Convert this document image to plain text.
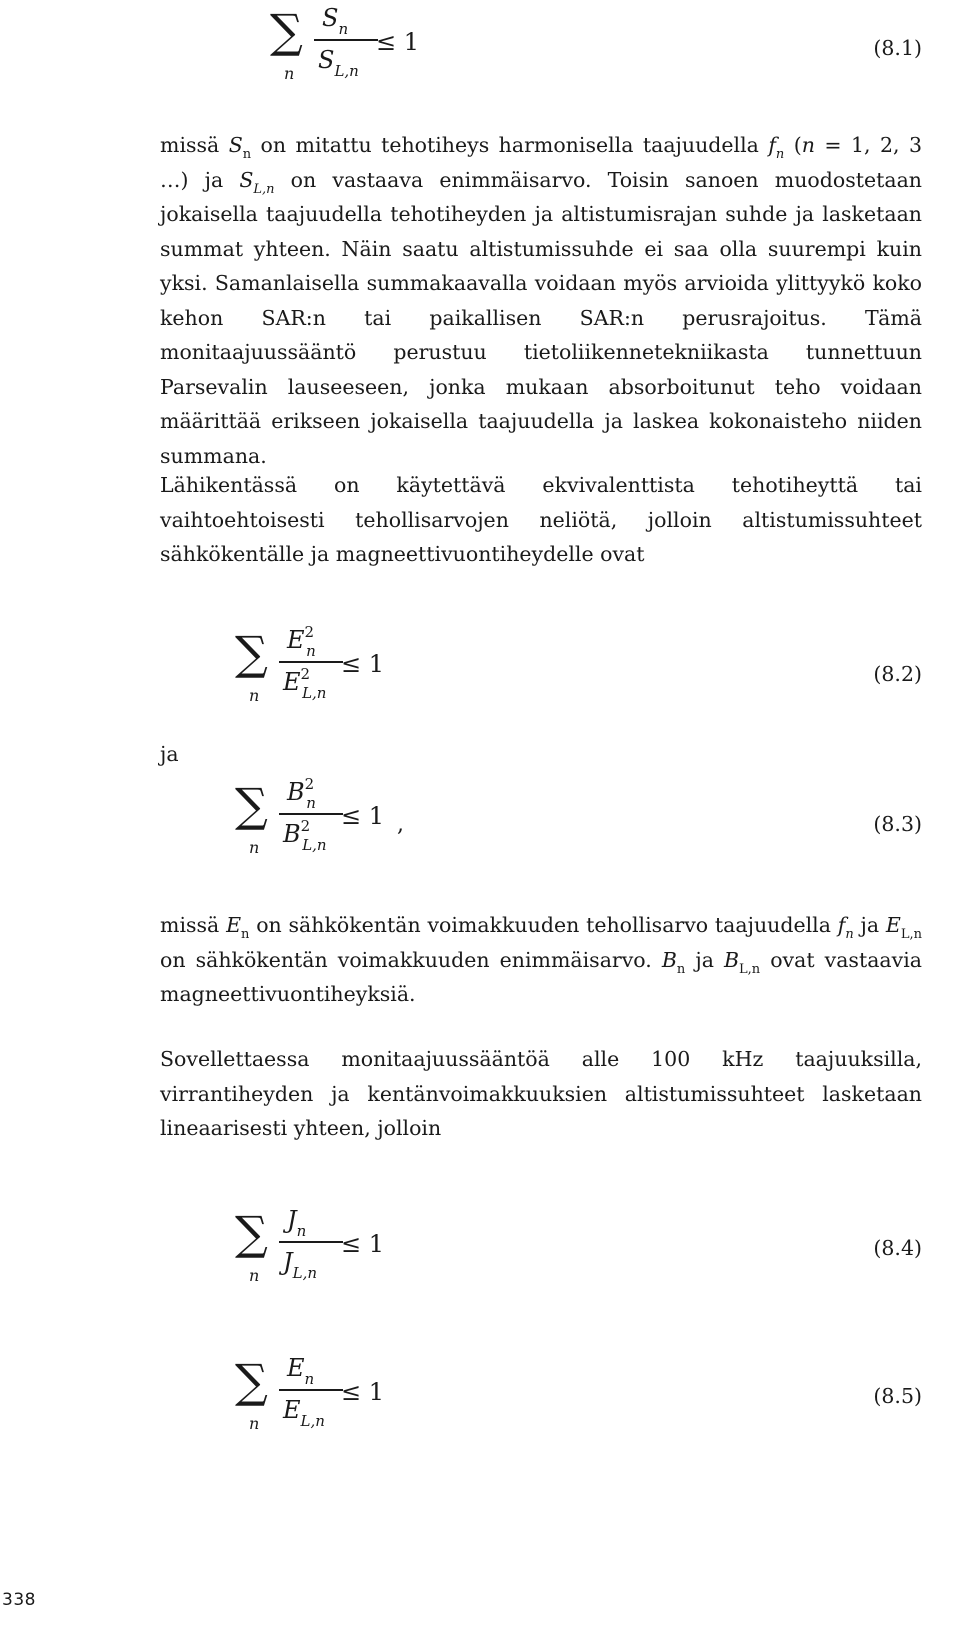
∑
n
$S_n$
$S_{L,n}$
≤ 1	(8.1)

missä $S_n$ on mitattu tehotiheys harmonisella taajuudella $f_n$ (n = 1, 2, 3 …) ja $S_{L,n}$ on vastaava enimmäisarvo. Toisin sanoen muodostetaan jokaisella taajuudella tehotiheyden ja altistumisrajan suhde ja lasketaan summat yhteen. Näin saatu altistumissuhde ei saa olla suurempi kuin yksi. Samanlaisella summakaavalla voidaan myös arvioida ylittyykö koko kehon SAR:n tai paikallisen SAR:n perusrajoitus. Tämä monitaajuussääntö perustuu tietoliikennetekniikasta tunnettuun Parsevalin lauseeseen, jonka mukaan absorboitunut teho voidaan määrittää erikseen jokaisella taajuudella ja laskea kokonaisteho niiden summana.

Lähikentässä on käytettävä ekvivalenttista tehotiheyttä tai vaihtoehtoisesti tehollisarvojen neliötä, jolloin altistumissuhteet sähkökentälle ja magneettivuontiheydelle ovat

∑
n
$E^2_n$
$E^2_{L,n}$
≤ 1	(8.2)
ja
∑
n
$B^2_n$
$B^2_{L,n}$
≤ 1 ,	(8.3)

missä $E_n$ on sähkökentän voimakkuuden tehollisarvo taajuudella $f_n$ ja $E_{L,n}$ on sähkökentän voimakkuuden enimmäisarvo. $B_n$ ja $B_{L,n}$ ovat vastaavia magneettivuontiheyksiä.

Sovellettaessa monitaajuussääntöä alle 100 kHz taajuuksilla, virrantiheyden ja kentänvoimakkuuksien altistumissuhteet lasketaan lineaarisesti yhteen, jolloin

∑
n
$J_n$
$J_{L,n}$
≤ 1	(8.4)
∑
n
$E_n$
$E_{L,n}$
≤ 1	(8.5)
338
